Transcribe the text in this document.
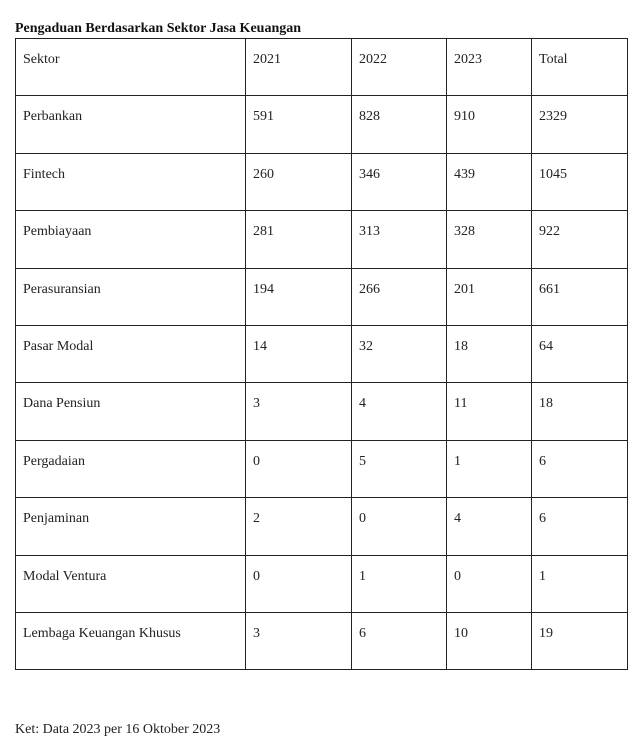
Pengaduan Berdasarkan Sektor Jasa Keuangan
Sektor	2021	2022	2023	Total

Perbankan	591	828	910	2329

Fintech	260	346	439	1045

Pembiayaan	281	313	328	922

Perasuransian	194	266	201	661

Pasar Modal	14	32	18	64

Dana Pensiun	3	4	11	18

Pergadaian	0	5	1	6

Penjaminan	2	0	4	6

Modal Ventura	0	1	0	1

Lembaga Keuangan Khusus	3	6	10	19
Ket: Data 2023 per 16 Oktober 2023
